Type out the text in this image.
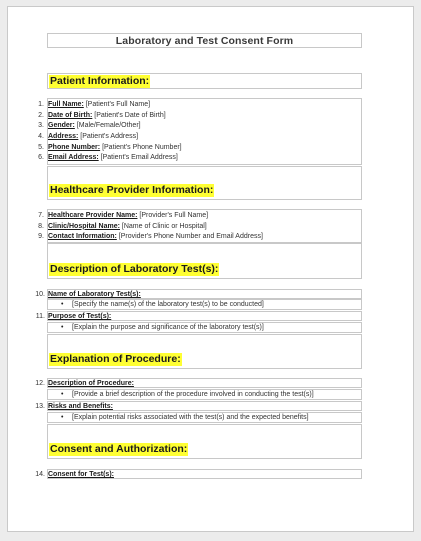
Laboratory and Test Consent Form
Patient Information:
1. Full Name: [Patient's Full Name]
2. Date of Birth: [Patient's Date of Birth]
3. Gender: [Male/Female/Other]
4. Address: [Patient's Address]
5. Phone Number: [Patient's Phone Number]
6. Email Address: [Patient's Email Address]
Healthcare Provider Information:
7. Healthcare Provider Name: [Provider's Full Name]
8. Clinic/Hospital Name: [Name of Clinic or Hospital]
9. Contact Information: [Provider's Phone Number and Email Address]
Description of Laboratory Test(s):
10. Name of Laboratory Test(s):
• [Specify the name(s) of the laboratory test(s) to be conducted]
11. Purpose of Test(s):
• [Explain the purpose and significance of the laboratory test(s)]
Explanation of Procedure:
12. Description of Procedure:
• [Provide a brief description of the procedure involved in conducting the test(s)]
13. Risks and Benefits:
• [Explain potential risks associated with the test(s) and the expected benefits]
Consent and Authorization:
14. Consent for Test(s):
